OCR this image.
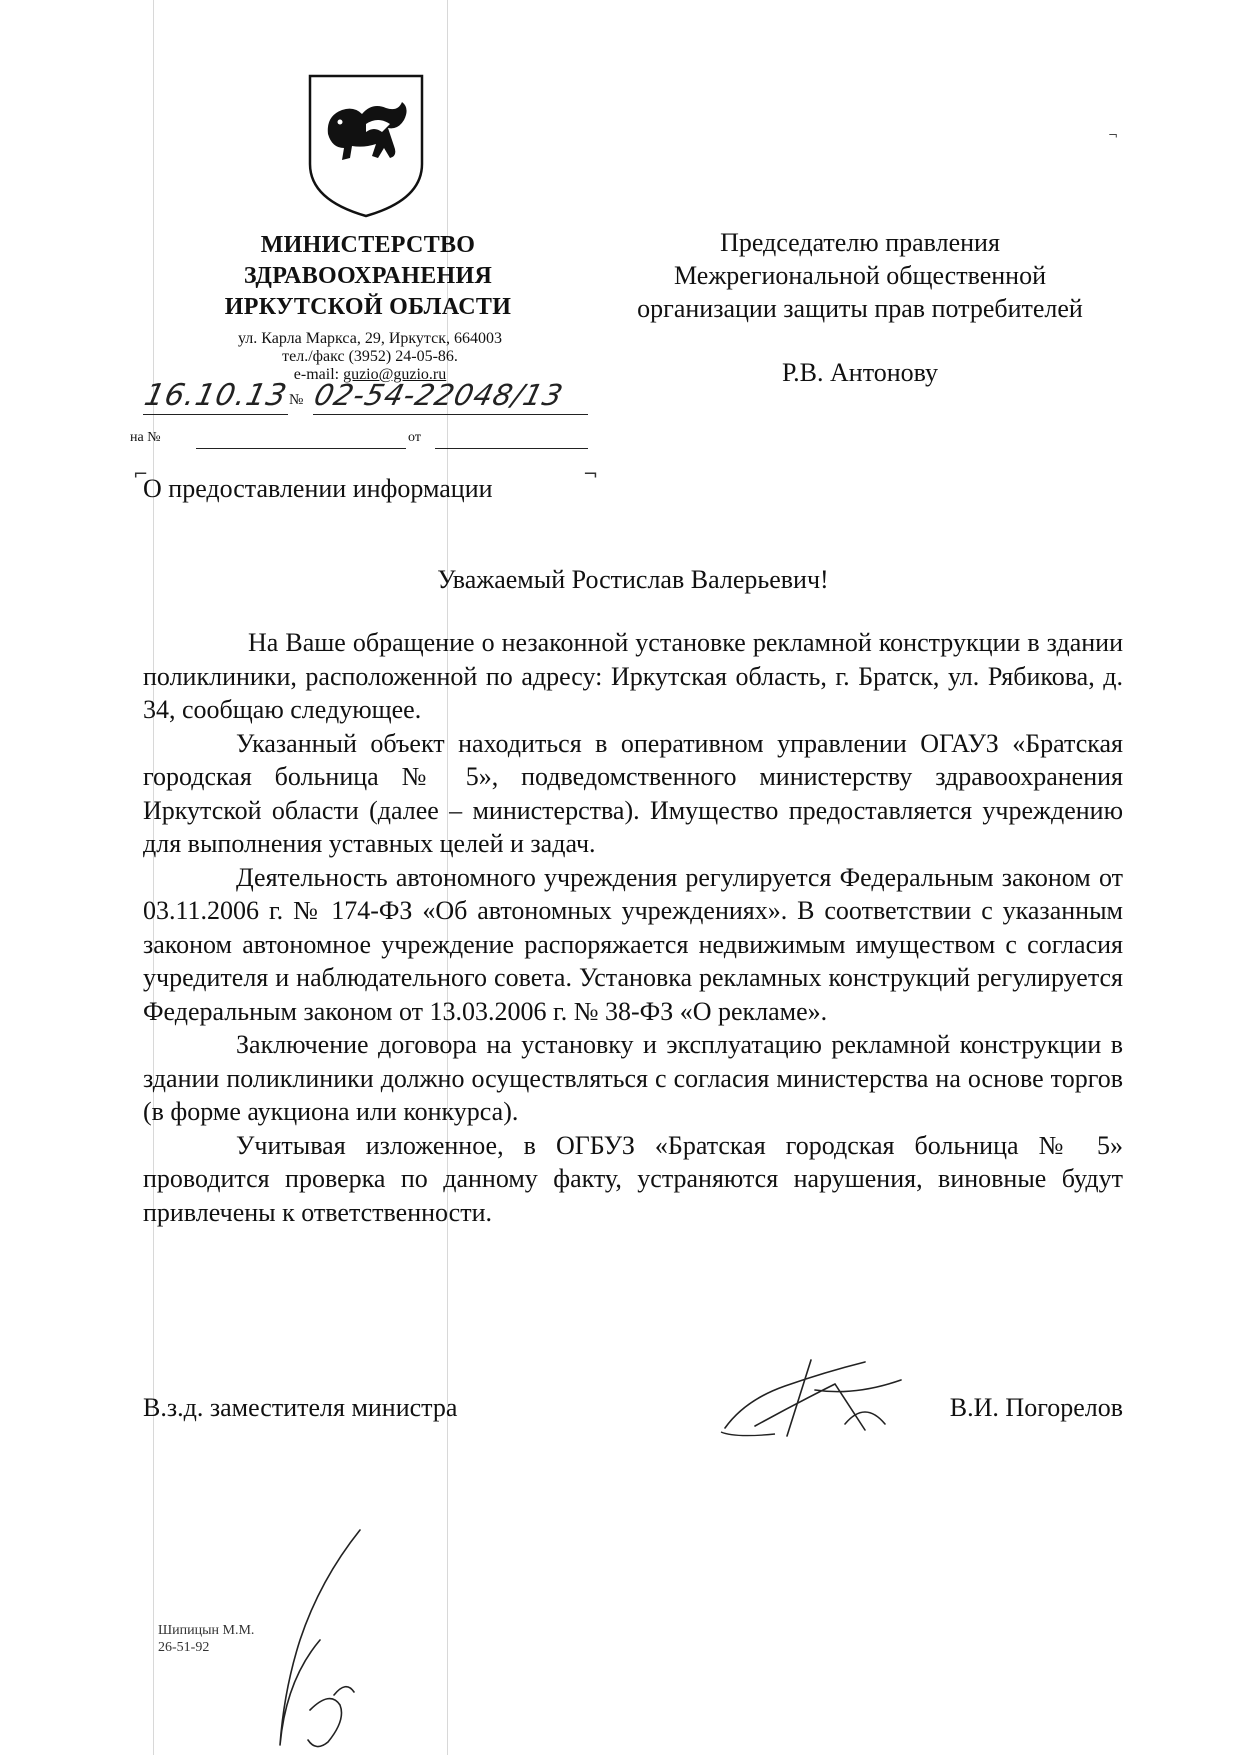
МИНИСТЕРСТВО
ЗДРАВООХРАНЕНИЯ
ИРКУТСКОЙ ОБЛАСТИ
ул. Карла Маркса, 29, Иркутск, 664003
тел./факс (3952) 24-05-86.
e-mail: guzio@guzio.ru
16.10.13
№ 02-54-22048/13
на №	от
Председателю правления
Межрегиональной общественной
организации защиты прав потребителей
Р.В. Антонову
⌐
О предоставлении информации	¬
¬
Уважаемый Ростислав Валерьевич!

На Ваше обращение о незаконной установке рекламной конструкции в здании поликлиники, расположенной по адресу: Иркутская область, г. Братск, ул. Рябикова, д. 34, сообщаю следующее.

Указанный объект находиться в оперативном управлении ОГАУЗ «Братская городская больница № 5», подведомственного министерству здравоохранения Иркутской области (далее – министерства). Имущество предоставляется учреждению для выполнения уставных целей и задач.

Деятельность автономного учреждения регулируется Федеральным законом от 03.11.2006 г. № 174-ФЗ «Об автономных учреждениях». В соответствии с указанным законом автономное учреждение распоряжается недвижимым имуществом с согласия учредителя и наблюдательного совета. Установка рекламных конструкций регулируется Федеральным законом от 13.03.2006 г. № 38-ФЗ «О рекламе».

Заключение договора на установку и эксплуатацию рекламной конструкции в здании поликлиники должно осуществляться с согласия министерства на основе торгов (в форме аукциона или конкурса).

Учитывая изложенное, в ОГБУЗ «Братская городская больница № 5» проводится проверка по данному факту, устраняются нарушения, виновные будут привлечены к ответственности.

В.з.д. заместителя министра	В.И. Погорелов
Шипицын М.М.
26-51-92
